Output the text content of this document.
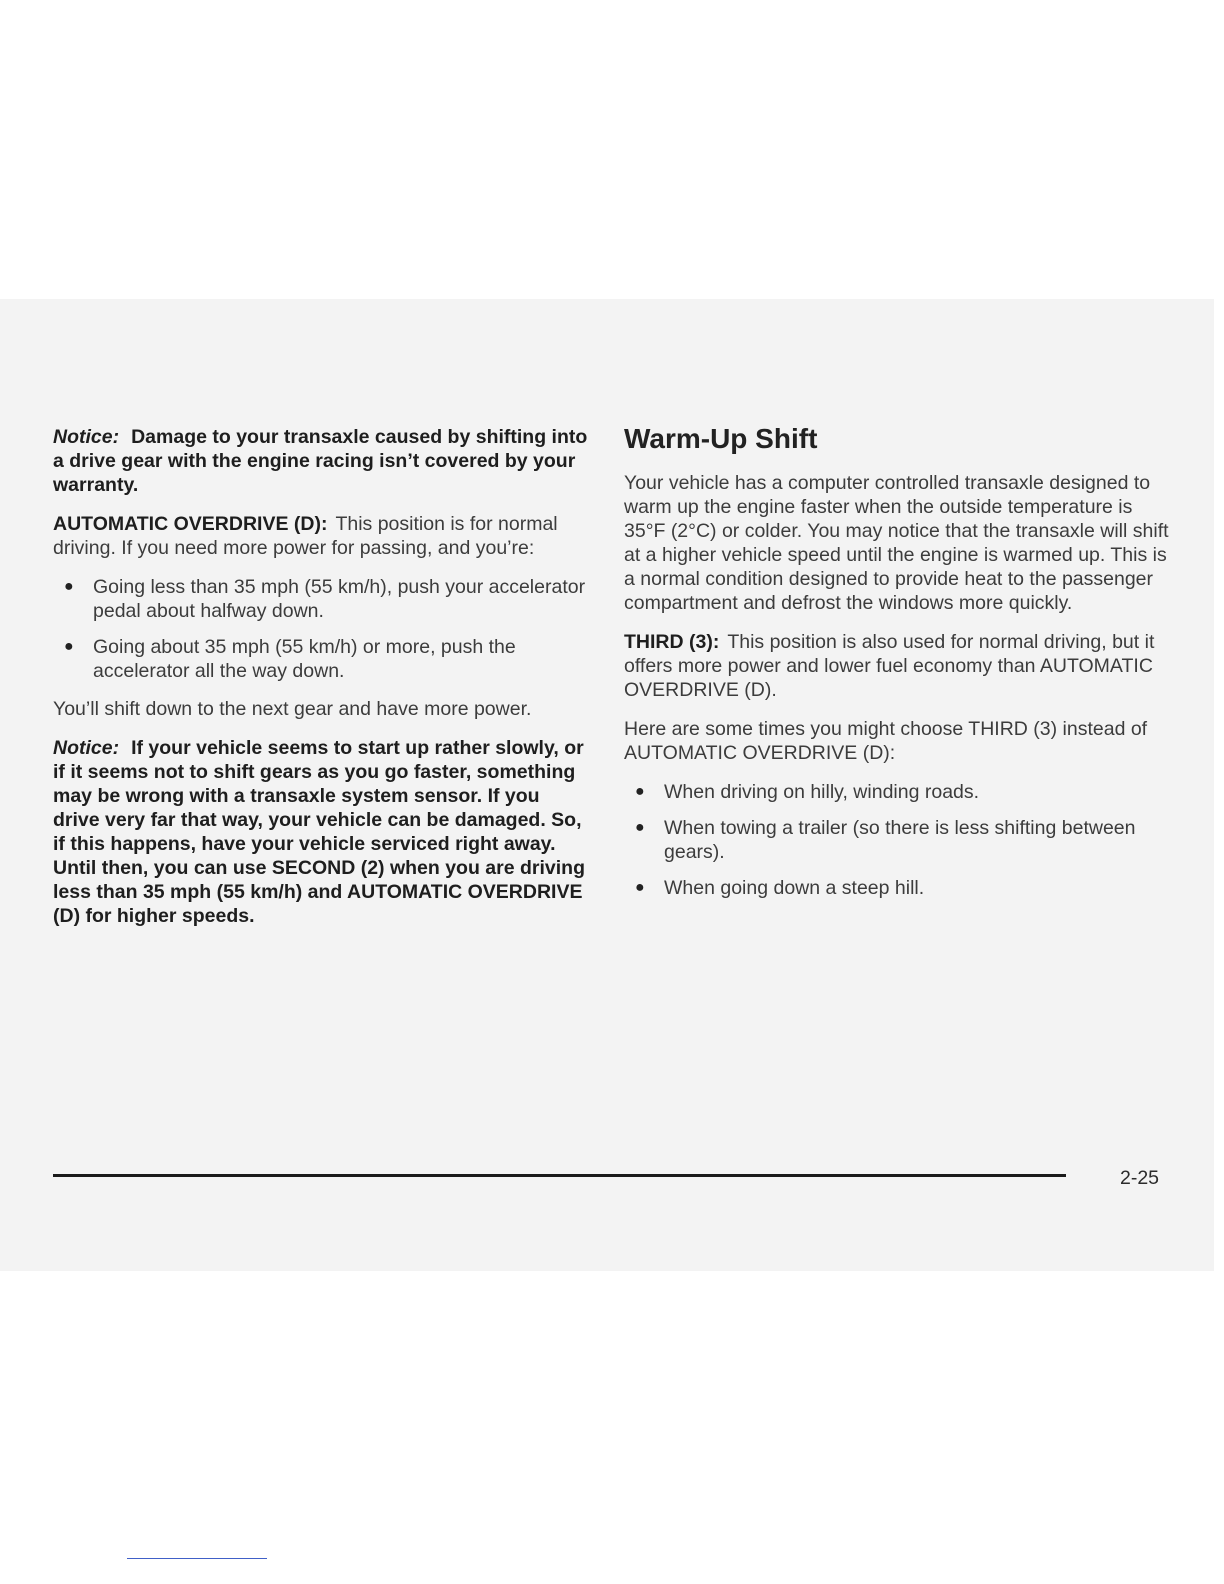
Notice: Damage to your transaxle caused by shifting into a drive gear with the engine racing isn’t covered by your warranty.

AUTOMATIC OVERDRIVE (D): This position is for normal driving. If you need more power for passing, and you’re:

● Going less than 35 mph (55 km/h), push your accelerator pedal about halfway down.
● Going about 35 mph (55 km/h) or more, push the accelerator all the way down.

You’ll shift down to the next gear and have more power.

Notice: If your vehicle seems to start up rather slowly, or if it seems not to shift gears as you go faster, something may be wrong with a transaxle system sensor. If you drive very far that way, your vehicle can be damaged. So, if this happens, have your vehicle serviced right away. Until then, you can use SECOND (2) when you are driving less than 35 mph (55 km/h) and AUTOMATIC OVERDRIVE (D) for higher speeds.

Warm-Up Shift

Your vehicle has a computer controlled transaxle designed to warm up the engine faster when the outside temperature is 35°F (2°C) or colder. You may notice that the transaxle will shift at a higher vehicle speed until the engine is warmed up. This is a normal condition designed to provide heat to the passenger compartment and defrost the windows more quickly.

THIRD (3): This position is also used for normal driving, but it offers more power and lower fuel economy than AUTOMATIC OVERDRIVE (D).

Here are some times you might choose THIRD (3) instead of AUTOMATIC OVERDRIVE (D):

● When driving on hilly, winding roads.
● When towing a trailer (so there is less shifting between gears).
● When going down a steep hill.
2-25
